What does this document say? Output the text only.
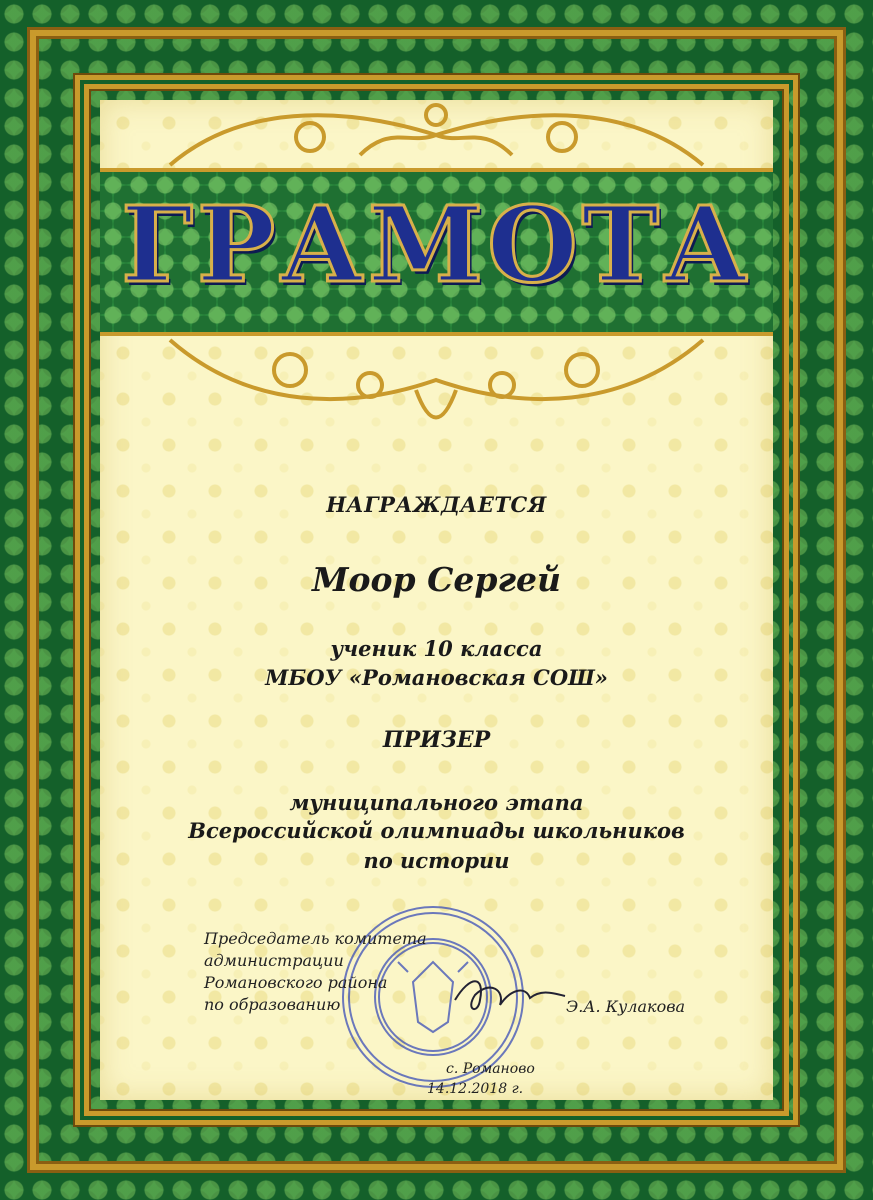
ГРАМОТА

НАГРАЖДАЕТСЯ

Моор Сергей

ученик 10 класса

МБОУ «Романовская СОШ»

ПРИЗЕР

муниципального этапа

Всероссийской олимпиады школьников

по истории

Председатель комитета
администрации
Романовского района
по образованию	Э.А. Кулакова

с. Романово

14.12.2018 г.
